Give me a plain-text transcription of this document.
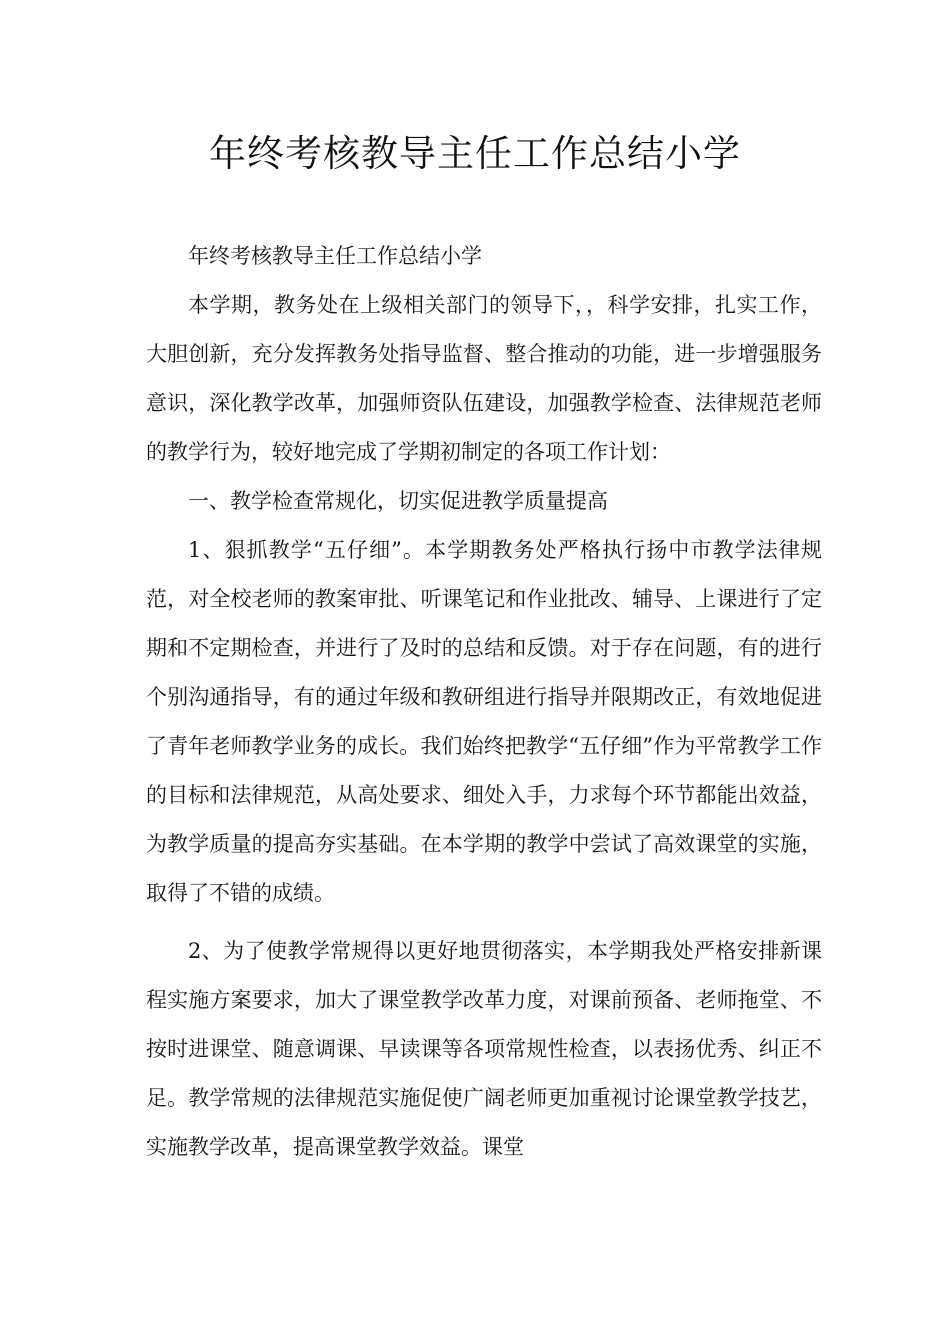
年终考核教导主任工作总结小学

年终考核教导主任工作总结小学

本学期，教务处在上级相关部门的领导下，，科学安排，扎实工作，大胆创新，充分发挥教务处指导监督、整合推动的功能，进一步增强服务意识，深化教学改革，加强师资队伍建设，加强教学检查、法律规范老师的教学行为，较好地完成了学期初制定的各项工作计划：

一、教学检查常规化，切实促进教学质量提高

1、狠抓教学“五仔细”。本学期教务处严格执行扬中市教学法律规范，对全校老师的教案审批、听课笔记和作业批改、辅导、上课进行了定期和不定期检查，并进行了及时的总结和反馈。对于存在问题，有的进行个别沟通指导，有的通过年级和教研组进行指导并限期改正，有效地促进了青年老师教学业务的成长。我们始终把教学“五仔细”作为平常教学工作的目标和法律规范，从高处要求、细处入手，力求每个环节都能出效益，为教学质量的提高夯实基础。在本学期的教学中尝试了高效课堂的实施，取得了不错的成绩。

2、为了使教学常规得以更好地贯彻落实，本学期我处严格安排新课程实施方案要求，加大了课堂教学改革力度，对课前预备、老师拖堂、不按时进课堂、随意调课、早读课等各项常规性检查，以表扬优秀、纠正不足。教学常规的法律规范实施促使广阔老师更加重视讨论课堂教学技艺，实施教学改革，提高课堂教学效益。课堂
